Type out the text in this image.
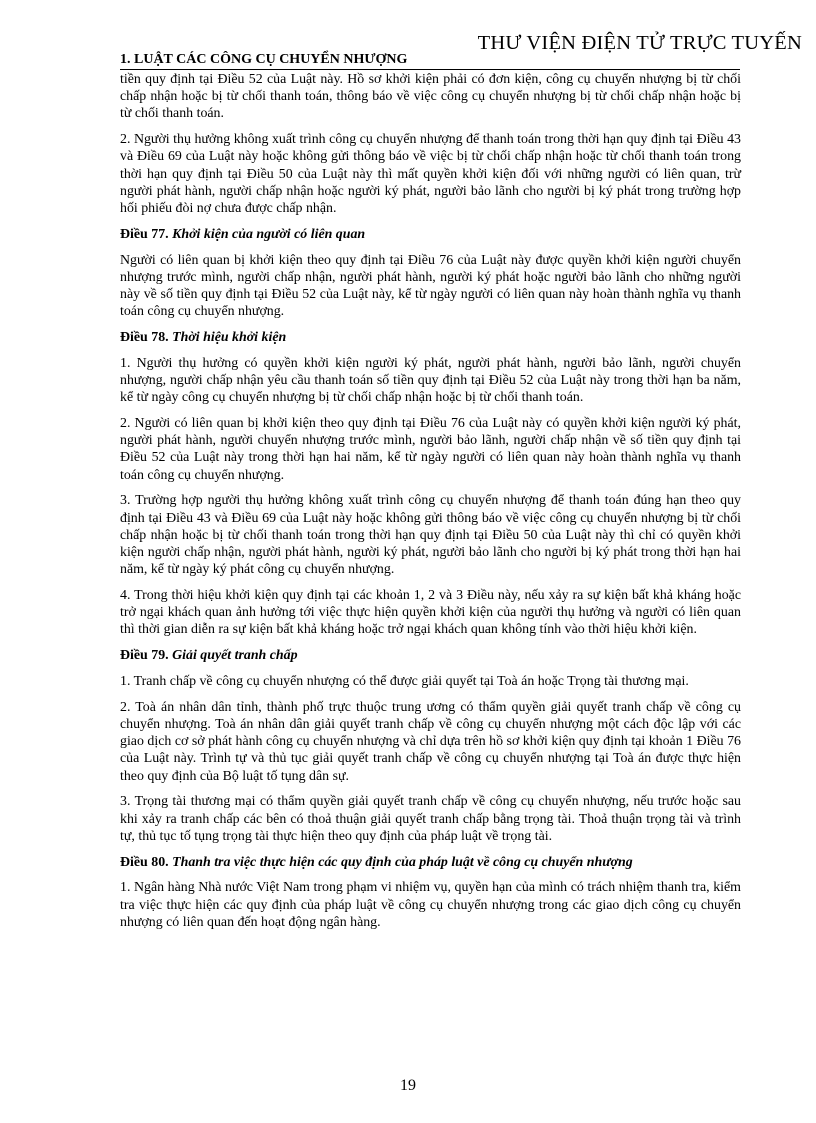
THƯ VIỆN ĐIỆN TỬ TRỰC TUYẾN
1. LUẬT CÁC CÔNG CỤ CHUYỂN NHƯỢNG

tiền quy định tại Điều 52 của Luật này. Hồ sơ khởi kiện phải có đơn kiện, công cụ chuyển nhượng bị từ chối chấp nhận hoặc bị từ chối thanh toán, thông báo về việc công cụ chuyển nhượng bị từ chối chấp nhận hoặc bị từ chối thanh toán.

2. Người thụ hưởng không xuất trình công cụ chuyển nhượng để thanh toán trong thời hạn quy định tại Điều 43 và Điều 69 của Luật này hoặc không gửi thông báo về việc bị từ chối chấp nhận hoặc từ chối thanh toán trong thời hạn quy định tại Điều 50 của Luật này thì mất quyền khởi kiện đối với những người có liên quan, trừ người phát hành, người chấp nhận hoặc người ký phát, người bảo lãnh cho người bị ký phát trong trường hợp hối phiếu đòi nợ chưa được chấp nhận.

Điều 77. Khởi kiện của người có liên quan

Người có liên quan bị khởi kiện theo quy định tại Điều 76 của Luật này được quyền khởi kiện người chuyển nhượng trước mình, người chấp nhận, người phát hành, người ký phát hoặc người bảo lãnh cho những người này về số tiền quy định tại Điều 52 của Luật này, kể từ ngày người có liên quan này hoàn thành nghĩa vụ thanh toán công cụ chuyển nhượng.

Điều 78. Thời hiệu khởi kiện

1. Người thụ hưởng có quyền khởi kiện người ký phát, người phát hành, người bảo lãnh, người chuyển nhượng, người chấp nhận yêu cầu thanh toán số tiền quy định tại Điều 52 của Luật này trong thời hạn ba năm, kể từ ngày công cụ chuyển nhượng bị từ chối chấp nhận hoặc bị từ chối thanh toán.

2. Người có liên quan bị khởi kiện theo quy định tại Điều 76 của Luật này có quyền khởi kiện người ký phát, người phát hành, người chuyển nhượng trước mình, người bảo lãnh, người chấp nhận về số tiền quy định tại Điều 52 của Luật này trong thời hạn hai năm, kể từ ngày người có liên quan này hoàn thành nghĩa vụ thanh toán công cụ chuyển nhượng.

3. Trường hợp người thụ hưởng không xuất trình công cụ chuyển nhượng để thanh toán đúng hạn theo quy định tại Điều 43 và Điều 69 của Luật này hoặc không gửi thông báo về việc công cụ chuyển nhượng bị từ chối chấp nhận hoặc bị từ chối thanh toán trong thời hạn quy định tại Điều 50 của Luật này thì chỉ có quyền khởi kiện người chấp nhận, người phát hành, người ký phát, người bảo lãnh cho người bị ký phát trong thời hạn hai năm, kể từ ngày ký phát công cụ chuyển nhượng.

4. Trong thời hiệu khởi kiện quy định tại các khoản 1, 2 và 3 Điều này, nếu xảy ra sự kiện bất khả kháng hoặc trở ngại khách quan ảnh hưởng tới việc thực hiện quyền khởi kiện của người thụ hưởng và người có liên quan thì thời gian diễn ra sự kiện bất khả kháng hoặc trở ngại khách quan không tính vào thời hiệu khởi kiện.

Điều 79. Giải quyết tranh chấp

1. Tranh chấp về công cụ chuyển nhượng có thể được giải quyết tại Toà án hoặc Trọng tài thương mại.

2. Toà án nhân dân tỉnh, thành phố trực thuộc trung ương có thẩm quyền giải quyết tranh chấp về công cụ chuyển nhượng. Toà án nhân dân giải quyết tranh chấp về công cụ chuyển nhượng một cách độc lập với các giao dịch cơ sở phát hành công cụ chuyển nhượng và chỉ dựa trên hồ sơ khởi kiện quy định tại khoản 1 Điều 76 của Luật này. Trình tự và thủ tục giải quyết tranh chấp về công cụ chuyển nhượng tại Toà án được thực hiện theo quy định của Bộ luật tố tụng dân sự.

3. Trọng tài thương mại có thẩm quyền giải quyết tranh chấp về công cụ chuyển nhượng, nếu trước hoặc sau khi xảy ra tranh chấp các bên có thoả thuận giải quyết tranh chấp bằng trọng tài. Thoả thuận trọng tài và trình tự, thủ tục tố tụng trọng tài thực hiện theo quy định của pháp luật về trọng tài.

Điều 80. Thanh tra việc thực hiện các quy định của pháp luật về công cụ chuyển nhượng

1. Ngân hàng Nhà nước Việt Nam trong phạm vi nhiệm vụ, quyền hạn của mình có trách nhiệm thanh tra, kiểm tra việc thực hiện các quy định của pháp luật về công cụ chuyển nhượng trong các giao dịch công cụ chuyển nhượng có liên quan đến hoạt động ngân hàng.

19
